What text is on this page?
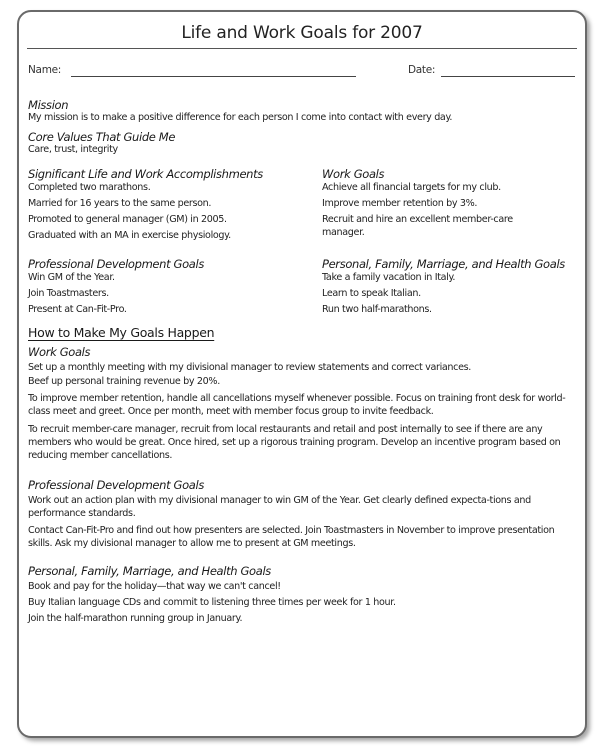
Life and Work Goals for 2007
Name:	Date:
Mission
My mission is to make a positive difference for each person I come into contact with every day.
Core Values That Guide Me
Care, trust, integrity
Significant Life and Work Accomplishments
Completed two marathons.
Married for 16 years to the same person.
Promoted to general manager (GM) in 2005.
Graduated with an MA in exercise physiology.
Work Goals
Achieve all financial targets for my club.
Improve member retention by 3%.
Recruit and hire an excellent member-care manager.
Professional Development Goals
Win GM of the Year.
Join Toastmasters.
Present at Can-Fit-Pro.
Personal, Family, Marriage, and Health Goals
Take a family vacation in Italy.
Learn to speak Italian.
Run two half-marathons.
How to Make My Goals Happen
Work Goals
Set up a monthly meeting with my divisional manager to review statements and correct variances.
Beef up personal training revenue by 20%.
To improve member retention, handle all cancellations myself whenever possible. Focus on training front desk for world-class meet and greet. Once per month, meet with member focus group to invite feedback.
To recruit member-care manager, recruit from local restaurants and retail and post internally to see if there are any members who would be great. Once hired, set up a rigorous training program. Develop an incentive program based on reducing member cancellations.
Professional Development Goals
Work out an action plan with my divisional manager to win GM of the Year. Get clearly defined expecta-tions and performance standards.
Contact Can-Fit-Pro and find out how presenters are selected. Join Toastmasters in November to improve presentation skills. Ask my divisional manager to allow me to present at GM meetings.
Personal, Family, Marriage, and Health Goals
Book and pay for the holiday—that way we can't cancel!
Buy Italian language CDs and commit to listening three times per week for 1 hour.
Join the half-marathon running group in January.
